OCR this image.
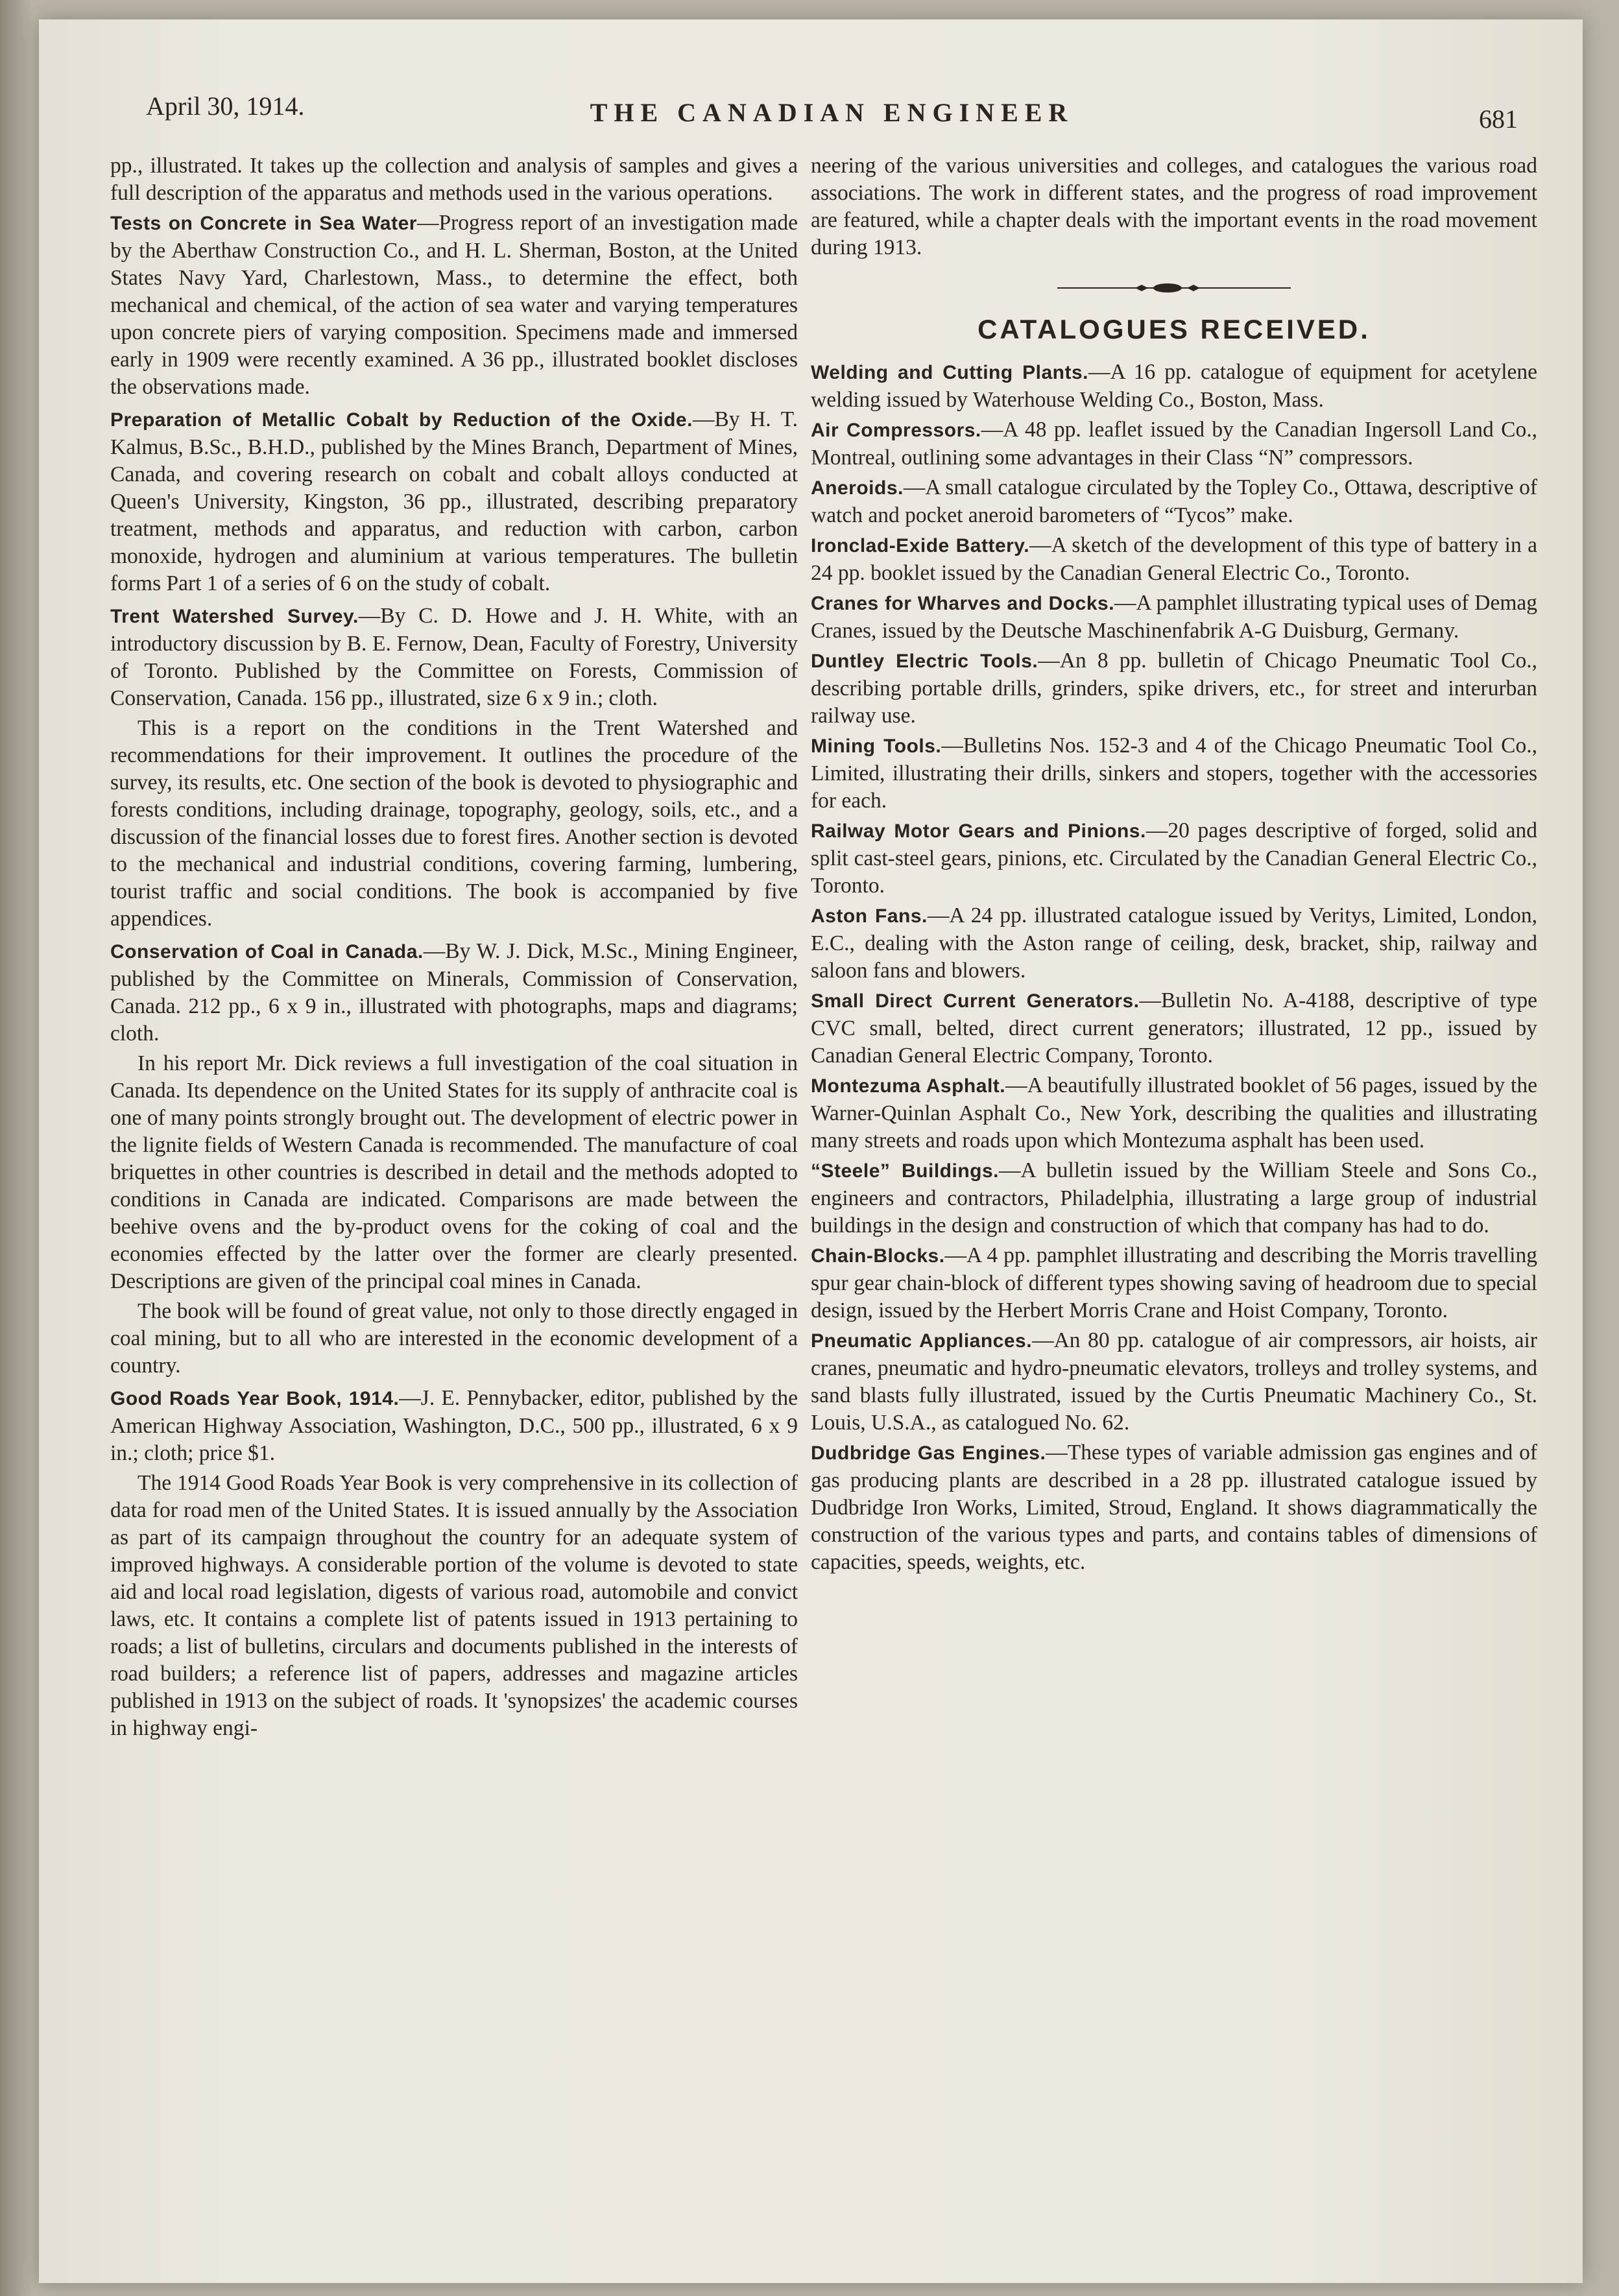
April 30, 1914.	THE CANADIAN ENGINEER	681

pp., illustrated. It takes up the collection and analysis of samples and gives a full description of the apparatus and methods used in the various operations.

Tests on Concrete in Sea Water—Progress report of an investigation made by the Aberthaw Construction Co., and H. L. Sherman, Boston, at the United States Navy Yard, Charlestown, Mass., to determine the effect, both mechanical and chemical, of the action of sea water and varying temperatures upon concrete piers of varying composition. Specimens made and immersed early in 1909 were recently examined. A 36 pp., illustrated booklet discloses the observations made.

Preparation of Metallic Cobalt by Reduction of the Oxide.—By H. T. Kalmus, B.Sc., B.H.D., published by the Mines Branch, Department of Mines, Canada, and covering research on cobalt and cobalt alloys conducted at Queen's University, Kingston, 36 pp., illustrated, describing preparatory treatment, methods and apparatus, and reduction with carbon, carbon monoxide, hydrogen and aluminium at various temperatures. The bulletin forms Part 1 of a series of 6 on the study of cobalt.

Trent Watershed Survey.—By C. D. Howe and J. H. White, with an introductory discussion by B. E. Fernow, Dean, Faculty of Forestry, University of Toronto. Published by the Committee on Forests, Commission of Conservation, Canada. 156 pp., illustrated, size 6 x 9 in.; cloth.

This is a report on the conditions in the Trent Watershed and recommendations for their improvement. It outlines the procedure of the survey, its results, etc. One section of the book is devoted to physiographic and forests conditions, including drainage, topography, geology, soils, etc., and a discussion of the financial losses due to forest fires. Another section is devoted to the mechanical and industrial conditions, covering farming, lumbering, tourist traffic and social conditions. The book is accompanied by five appendices.

Conservation of Coal in Canada.—By W. J. Dick, M.Sc., Mining Engineer, published by the Committee on Minerals, Commission of Conservation, Canada. 212 pp., 6 x 9 in., illustrated with photographs, maps and diagrams; cloth.

In his report Mr. Dick reviews a full investigation of the coal situation in Canada. Its dependence on the United States for its supply of anthracite coal is one of many points strongly brought out. The development of electric power in the lignite fields of Western Canada is recommended. The manufacture of coal briquettes in other countries is described in detail and the methods adopted to conditions in Canada are indicated. Comparisons are made between the beehive ovens and the by-product ovens for the coking of coal and the economies effected by the latter over the former are clearly presented. Descriptions are given of the principal coal mines in Canada.

The book will be found of great value, not only to those directly engaged in coal mining, but to all who are interested in the economic development of a country.

Good Roads Year Book, 1914.—J. E. Pennybacker, editor, published by the American Highway Association, Washington, D.C., 500 pp., illustrated, 6 x 9 in.; cloth; price $1.

The 1914 Good Roads Year Book is very comprehensive in its collection of data for road men of the United States. It is issued annually by the Association as part of its campaign throughout the country for an adequate system of improved highways. A considerable portion of the volume is devoted to state aid and local road legislation, digests of various road, automobile and convict laws, etc. It contains a complete list of patents issued in 1913 pertaining to roads; a list of bulletins, circulars and documents published in the interests of road builders; a reference list of papers, addresses and magazine articles published in 1913 on the subject of roads. It 'synopsizes' the academic courses in highway engi-

neering of the various universities and colleges, and catalogues the various road associations. The work in different states, and the progress of road improvement are featured, while a chapter deals with the important events in the road movement during 1913.

CATALOGUES RECEIVED.

Welding and Cutting Plants.—A 16 pp. catalogue of equipment for acetylene welding issued by Waterhouse Welding Co., Boston, Mass.

Air Compressors.—A 48 pp. leaflet issued by the Canadian Ingersoll Land Co., Montreal, outlining some advantages in their Class “N” compressors.

Aneroids.—A small catalogue circulated by the Topley Co., Ottawa, descriptive of watch and pocket aneroid barometers of “Tycos” make.

Ironclad-Exide Battery.—A sketch of the development of this type of battery in a 24 pp. booklet issued by the Canadian General Electric Co., Toronto.

Cranes for Wharves and Docks.—A pamphlet illustrating typical uses of Demag Cranes, issued by the Deutsche Maschinenfabrik A-G Duisburg, Germany.

Duntley Electric Tools.—An 8 pp. bulletin of Chicago Pneumatic Tool Co., describing portable drills, grinders, spike drivers, etc., for street and interurban railway use.

Mining Tools.—Bulletins Nos. 152-3 and 4 of the Chicago Pneumatic Tool Co., Limited, illustrating their drills, sinkers and stopers, together with the accessories for each.

Railway Motor Gears and Pinions.—20 pages descriptive of forged, solid and split cast-steel gears, pinions, etc. Circulated by the Canadian General Electric Co., Toronto.

Aston Fans.—A 24 pp. illustrated catalogue issued by Veritys, Limited, London, E.C., dealing with the Aston range of ceiling, desk, bracket, ship, railway and saloon fans and blowers.

Small Direct Current Generators.—Bulletin No. A-4188, descriptive of type CVC small, belted, direct current generators; illustrated, 12 pp., issued by Canadian General Electric Company, Toronto.

Montezuma Asphalt.—A beautifully illustrated booklet of 56 pages, issued by the Warner-Quinlan Asphalt Co., New York, describing the qualities and illustrating many streets and roads upon which Montezuma asphalt has been used.

“Steele” Buildings.—A bulletin issued by the William Steele and Sons Co., engineers and contractors, Philadelphia, illustrating a large group of industrial buildings in the design and construction of which that company has had to do.

Chain-Blocks.—A 4 pp. pamphlet illustrating and describing the Morris travelling spur gear chain-block of different types showing saving of headroom due to special design, issued by the Herbert Morris Crane and Hoist Company, Toronto.

Pneumatic Appliances.—An 80 pp. catalogue of air compressors, air hoists, air cranes, pneumatic and hydro-pneumatic elevators, trolleys and trolley systems, and sand blasts fully illustrated, issued by the Curtis Pneumatic Machinery Co., St. Louis, U.S.A., as catalogued No. 62.

Dudbridge Gas Engines.—These types of variable admission gas engines and of gas producing plants are described in a 28 pp. illustrated catalogue issued by Dudbridge Iron Works, Limited, Stroud, England. It shows diagrammatically the construction of the various types and parts, and contains tables of dimensions of capacities, speeds, weights, etc.
